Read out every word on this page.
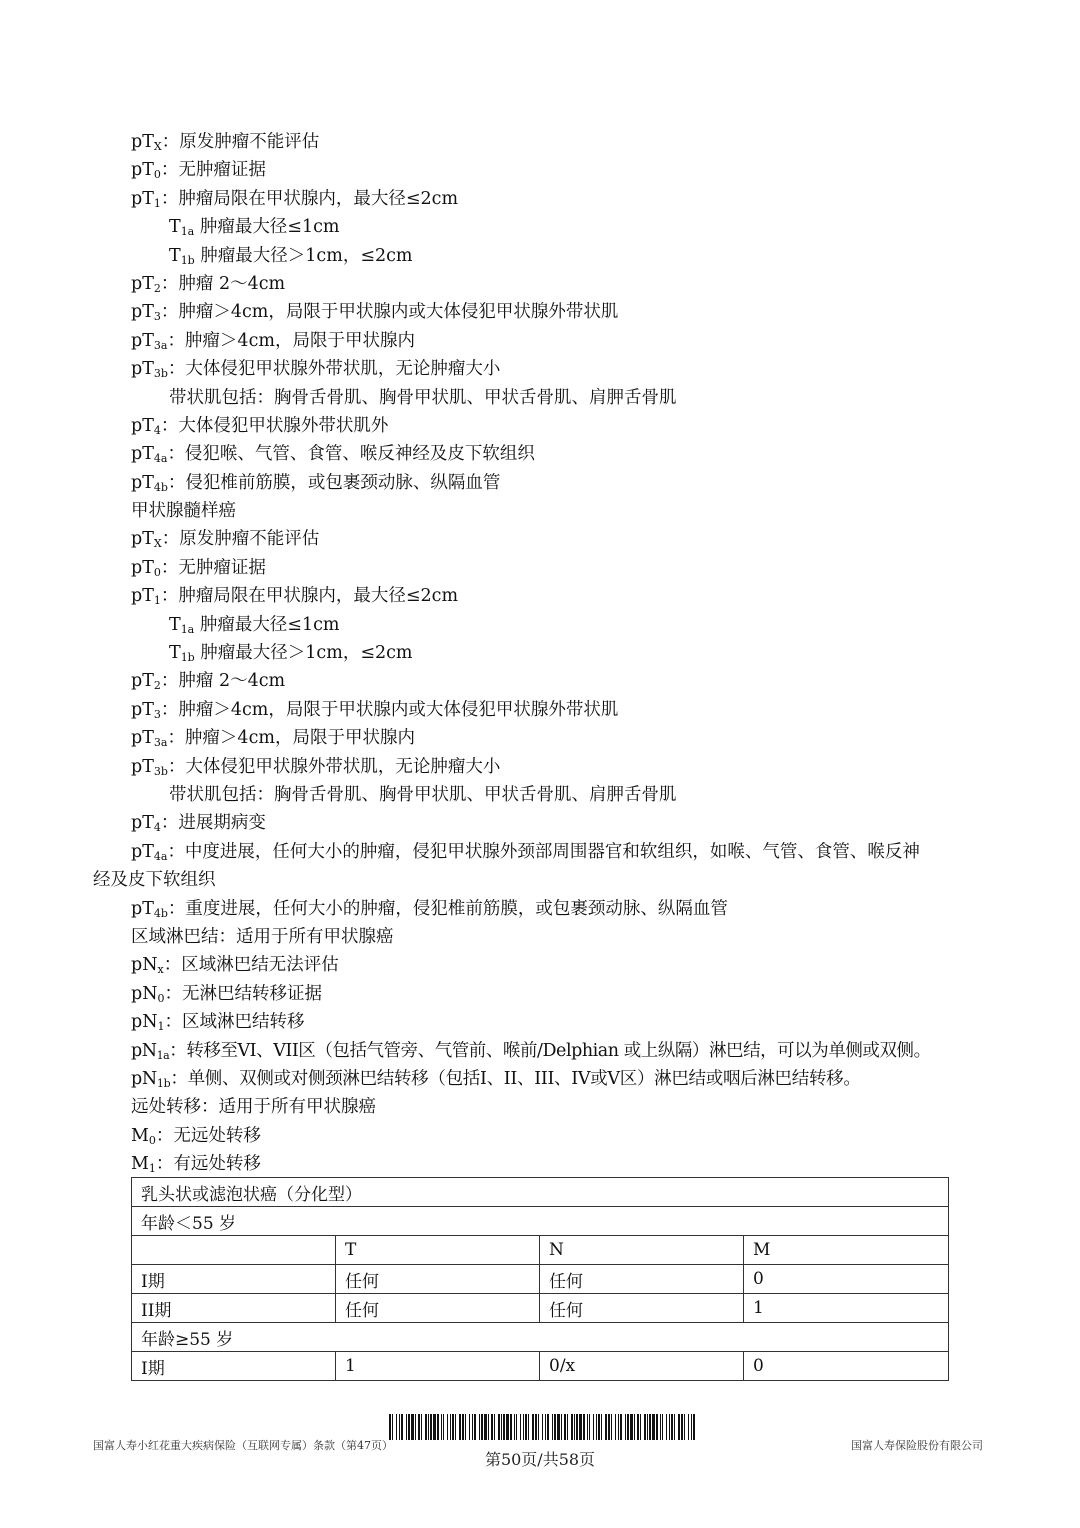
$pT_X$：原发肿瘤不能评估
$pT_0$：无肿瘤证据
$pT_1$：肿瘤局限在甲状腺内，最大径≤2cm
$T_{1a}$ 肿瘤最大径≤1cm
$T_{1b}$ 肿瘤最大径＞1cm，≤2cm
$pT_2$：肿瘤 2～4cm
$pT_3$：肿瘤＞4cm，局限于甲状腺内或大体侵犯甲状腺外带状肌
$pT_{3a}$：肿瘤＞4cm，局限于甲状腺内
$pT_{3b}$：大体侵犯甲状腺外带状肌，无论肿瘤大小
带状肌包括：胸骨舌骨肌、胸骨甲状肌、甲状舌骨肌、肩胛舌骨肌
$pT_4$：大体侵犯甲状腺外带状肌外
$pT_{4a}$：侵犯喉、气管、食管、喉反神经及皮下软组织
$pT_{4b}$：侵犯椎前筋膜，或包裹颈动脉、纵隔血管
甲状腺髓样癌
$pT_X$：原发肿瘤不能评估
$pT_0$：无肿瘤证据
$pT_1$：肿瘤局限在甲状腺内，最大径≤2cm
$T_{1a}$ 肿瘤最大径≤1cm
$T_{1b}$ 肿瘤最大径＞1cm，≤2cm
$pT_2$：肿瘤 2～4cm
$pT_3$：肿瘤＞4cm，局限于甲状腺内或大体侵犯甲状腺外带状肌
$pT_{3a}$：肿瘤＞4cm，局限于甲状腺内
$pT_{3b}$：大体侵犯甲状腺外带状肌，无论肿瘤大小
带状肌包括：胸骨舌骨肌、胸骨甲状肌、甲状舌骨肌、肩胛舌骨肌
$pT_4$：进展期病变
$pT_{4a}$：中度进展，任何大小的肿瘤，侵犯甲状腺外颈部周围器官和软组织，如喉、气管、食管、喉反神
经及皮下软组织
$pT_{4b}$：重度进展，任何大小的肿瘤，侵犯椎前筋膜，或包裹颈动脉、纵隔血管
区域淋巴结：适用于所有甲状腺癌
$pN_x$：区域淋巴结无法评估
$pN_0$：无淋巴结转移证据
$pN_1$：区域淋巴结转移
$pN_{1a}$：转移至VI、VII区（包括气管旁、气管前、喉前/Delphian 或上纵隔）淋巴结，可以为单侧或双侧。
$pN_{1b}$：单侧、双侧或对侧颈淋巴结转移（包括I、II、III、IV或V区）淋巴结或咽后淋巴结转移。
远处转移：适用于所有甲状腺癌
$M_0$：无远处转移
$M_1$：有远处转移
乳头状或滤泡状癌（分化型）			
年龄＜55 岁			
	T	N	M
I期	任何	任何	0
II期	任何	任何	1
年龄≥55 岁			
I期	1	0/x	0
国富人寿小红花重大疾病保险（互联网专属）条款（第47页）	国富人寿保险股份有限公司
第50页/共58页
